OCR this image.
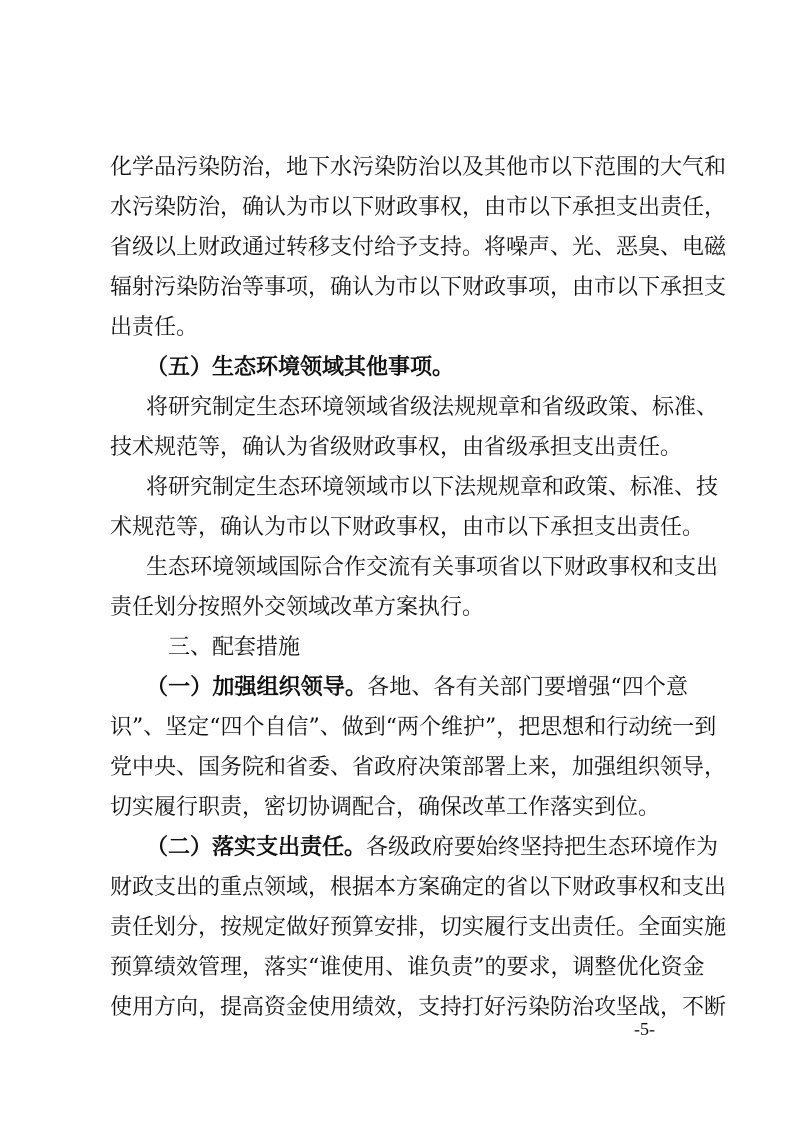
化学品污染防治，地下水污染防治以及其他市以下范围的大气和
水污染防治，确认为市以下财政事权，由市以下承担支出责任，
省级以上财政通过转移支付给予支持。将噪声、光、恶臭、电磁
辐射污染防治等事项，确认为市以下财政事项，由市以下承担支
出责任。
（五）生态环境领域其他事项。
将研究制定生态环境领域省级法规规章和省级政策、标准、
技术规范等，确认为省级财政事权，由省级承担支出责任。
将研究制定生态环境领域市以下法规规章和政策、标准、技
术规范等，确认为市以下财政事权，由市以下承担支出责任。
生态环境领域国际合作交流有关事项省以下财政事权和支出
责任划分按照外交领域改革方案执行。
三、配套措施
（一）加强组织领导。各地、各有关部门要增强“四个意
识”、坚定“四个自信”、做到“两个维护”，把思想和行动统一到
党中央、国务院和省委、省政府决策部署上来，加强组织领导，
切实履行职责，密切协调配合，确保改革工作落实到位。
（二）落实支出责任。各级政府要始终坚持把生态环境作为
财政支出的重点领域，根据本方案确定的省以下财政事权和支出
责任划分，按规定做好预算安排，切实履行支出责任。全面实施
预算绩效管理，落实“谁使用、谁负责”的要求，调整优化资金
使用方向，提高资金使用绩效，支持打好污染防治攻坚战，不断
-5-
